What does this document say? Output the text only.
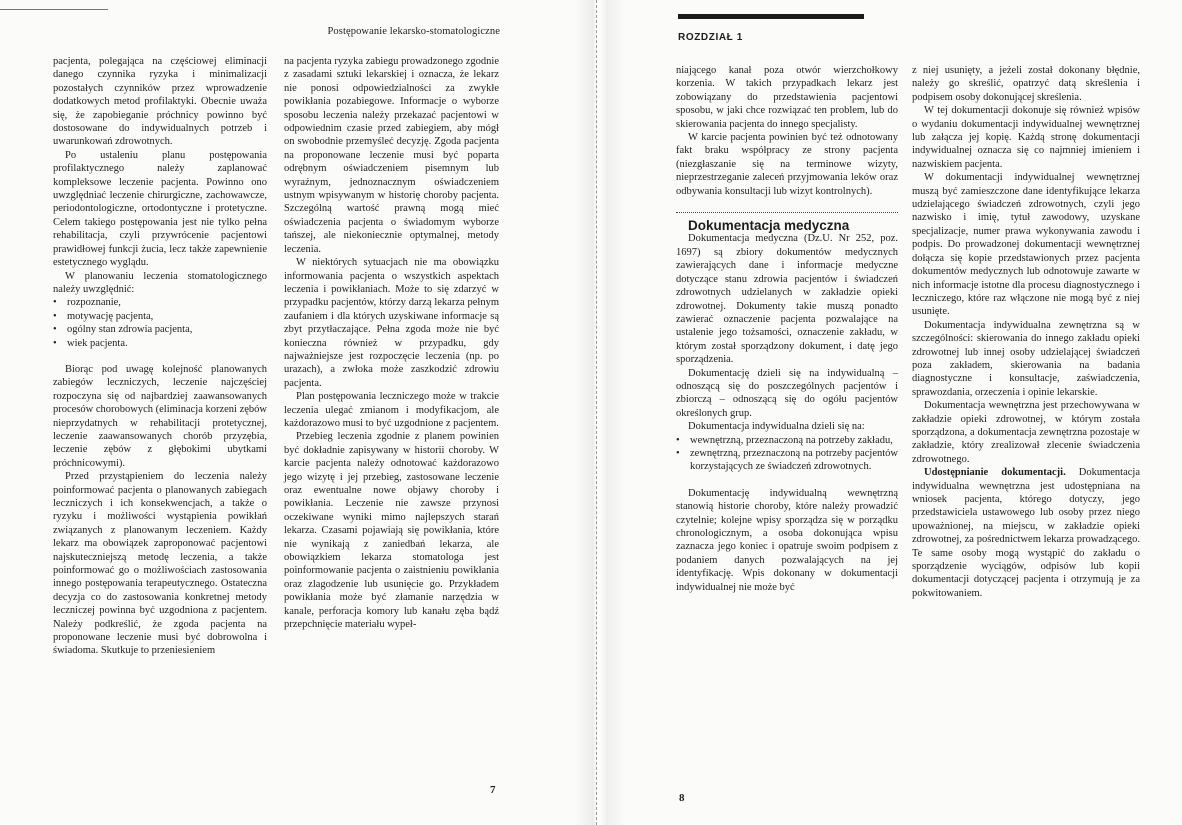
Postępowanie lekarsko-stomatologiczne

pacjenta, polegająca na częściowej eliminacji danego czynnika ryzyka i minimalizacji pozostałych czynników przez wprowadzenie dodatkowych metod profilaktyki. Obecnie uważa się, że zapobieganie próchnicy powinno być dostosowane do indywidualnych potrzeb i uwarunkowań zdrowotnych.

Po ustaleniu planu postępowania profilaktycznego należy zaplanować kompleksowe leczenie pacjenta. Powinno ono uwzględniać leczenie chirurgiczne, zachowawcze, periodontologiczne, ortodontyczne i protetyczne. Celem takiego postępowania jest nie tylko pełna rehabilitacja, czyli przywrócenie pacjentowi prawidłowej funkcji żucia, lecz także zapewnienie estetycznego wyglądu.

W planowaniu leczenia stomatologicznego należy uwzględnić:

• rozpoznanie,
• motywację pacjenta,
• ogólny stan zdrowia pacjenta,
• wiek pacjenta.

Biorąc pod uwagę kolejność planowanych zabiegów leczniczych, leczenie najczęściej rozpoczyna się od najbardziej zaawansowanych procesów chorobowych (eliminacja korzeni zębów nieprzydatnych w rehabilitacji protetycznej, leczenie zaawansowanych chorób przyzębia, leczenie zębów z głębokimi ubytkami próchnicowymi).

Przed przystąpieniem do leczenia należy poinformować pacjenta o planowanych zabiegach leczniczych i ich konsekwencjach, a także o ryzyku i możliwości wystąpienia powikłań związanych z planowanym leczeniem. Każdy lekarz ma obowiązek zaproponować pacjentowi najskuteczniejszą metodę leczenia, a także poinformować go o możliwościach zastosowania innego postępowania terapeutycznego. Ostateczna decyzja co do zastosowania konkretnej metody leczniczej powinna być uzgodniona z pacjentem. Należy podkreślić, że zgoda pacjenta na proponowane leczenie musi być dobrowolna i świadoma. Skutkuje to przeniesieniem

na pacjenta ryzyka zabiegu prowadzonego zgodnie z zasadami sztuki lekarskiej i oznacza, że lekarz nie ponosi odpowiedzialności za zwykłe powikłania pozabiegowe. Informacje o wyborze sposobu leczenia należy przekazać pacjentowi w odpowiednim czasie przed zabiegiem, aby mógł on swobodnie przemyśleć decyzję. Zgoda pacjenta na proponowane leczenie musi być poparta odrębnym oświadczeniem pisemnym lub wyraźnym, jednoznacznym oświadczeniem ustnym wpisywanym w historię choroby pacjenta. Szczególną wartość prawną mogą mieć oświadczenia pacjenta o świadomym wyborze tańszej, ale niekoniecznie optymalnej, metody leczenia.

W niektórych sytuacjach nie ma obowiązku informowania pacjenta o wszystkich aspektach leczenia i powikłaniach. Może to się zdarzyć w przypadku pacjentów, którzy darzą lekarza pełnym zaufaniem i dla których uzyskiwane informacje są zbyt przytłaczające. Pełna zgoda może nie być konieczna również w przypadku, gdy najważniejsze jest rozpoczęcie leczenia (np. po urazach), a zwłoka może zaszkodzić zdrowiu pacjenta.

Plan postępowania leczniczego może w trakcie leczenia ulegać zmianom i modyfikacjom, ale każdorazowo musi to być uzgodnione z pacjentem.

Przebieg leczenia zgodnie z planem powinien być dokładnie zapisywany w historii choroby. W karcie pacjenta należy odnotować każdorazowo jego wizytę i jej przebieg, zastosowane leczenie oraz ewentualne nowe objawy choroby i powikłania. Leczenie nie zawsze przynosi oczekiwane wyniki mimo najlepszych starań lekarza. Czasami pojawiają się powikłania, które nie wynikają z zaniedbań lekarza, ale obowiązkiem lekarza stomatologa jest poinformowanie pacjenta o zaistnieniu powikłania oraz zlagodzenie lub usunięcie go. Przykładem powikłania może być złamanie narzędzia w kanale, perforacja komory lub kanału zęba bądź przepchnięcie materiału wypeł-

7
ROZDZIAŁ 1

niającego kanał poza otwór wierzchołkowy korzenia. W takich przypadkach lekarz jest zobowiązany do przedstawienia pacjentowi sposobu, w jaki chce rozwiązać ten problem, lub do skierowania pacjenta do innego specjalisty.

W karcie pacjenta powinien być też odnotowany fakt braku współpracy ze strony pacjenta (niezgłaszanie się na terminowe wizyty, nieprzestrzeganie zaleceń przyjmowania leków oraz odbywania konsultacji lub wizyt kontrolnych).

Dokumentacja medyczna

Dokumentacja medyczna (Dz.U. Nr 252, poz. 1697) są zbiory dokumentów medycznych zawierających dane i informacje medyczne dotyczące stanu zdrowia pacjentów i świadczeń zdrowotnych udzielanych w zakładzie opieki zdrowotnej. Dokumenty takie muszą ponadto zawierać oznaczenie pacjenta pozwalające na ustalenie jego tożsamości, oznaczenie zakładu, w którym został sporządzony dokument, i datę jego sporządzenia.

Dokumentację dzieli się na indywidualną – odnoszącą się do poszczególnych pacjentów i zbiorczą – odnoszącą się do ogółu pacjentów określonych grup.

Dokumentacja indywidualna dzieli się na:

• wewnętrzną, przeznaczoną na potrzeby zakładu,
• zewnętrzną, przeznaczoną na potrzeby pacjentów korzystających ze świadczeń zdrowotnych.

Dokumentację indywidualną wewnętrzną stanowią historie choroby, które należy prowadzić czytelnie; kolejne wpisy sporządza się w porządku chronologicznym, a osoba dokonująca wpisu zaznacza jego koniec i opatruje swoim podpisem z podaniem danych pozwalających na jej identyfikację. Wpis dokonany w dokumentacji indywidualnej nie może być

z niej usunięty, a jeżeli został dokonany błędnie, należy go skreślić, opatrzyć datą skreślenia i podpisem osoby dokonującej skreślenia.

W tej dokumentacji dokonuje się również wpisów o wydaniu dokumentacji indywidualnej wewnętrznej lub załącza jej kopię. Każdą stronę dokumentacji indywidualnej oznacza się co najmniej imieniem i nazwiskiem pacjenta.

W dokumentacji indywidualnej wewnętrznej muszą być zamieszczone dane identyfikujące lekarza udzielającego świadczeń zdrowotnych, czyli jego nazwisko i imię, tytuł zawodowy, uzyskane specjalizacje, numer prawa wykonywania zawodu i podpis. Do prowadzonej dokumentacji wewnętrznej dołącza się kopie przedstawionych przez pacjenta dokumentów medycznych lub odnotowuje zawarte w nich informacje istotne dla procesu diagnostycznego i leczniczego, które raz włączone nie mogą być z niej usunięte.

Dokumentacja indywidualna zewnętrzna są w szczególności: skierowania do innego zakładu opieki zdrowotnej lub innej osoby udzielającej świadczeń poza zakładem, skierowania na badania diagnostyczne i konsultacje, zaświadczenia, sprawozdania, orzeczenia i opinie lekarskie.

Dokumentacja wewnętrzna jest przechowywana w zakładzie opieki zdrowotnej, w którym została sporządzona, a dokumentacja zewnętrzna pozostaje w zakładzie, który zrealizował zlecenie świadczenia zdrowotnego.

Udostępnianie dokumentacji. Dokumentacja indywidualna wewnętrzna jest udostępniana na wniosek pacjenta, którego dotyczy, jego przedstawiciela ustawowego lub osoby przez niego upoważnionej, na miejscu, w zakładzie opieki zdrowotnej, za pośrednictwem lekarza prowadzącego. Te same osoby mogą wystąpić do zakładu o sporządzenie wyciągów, odpisów lub kopii dokumentacji dotyczącej pacjenta i otrzymują je za pokwitowaniem.

8
